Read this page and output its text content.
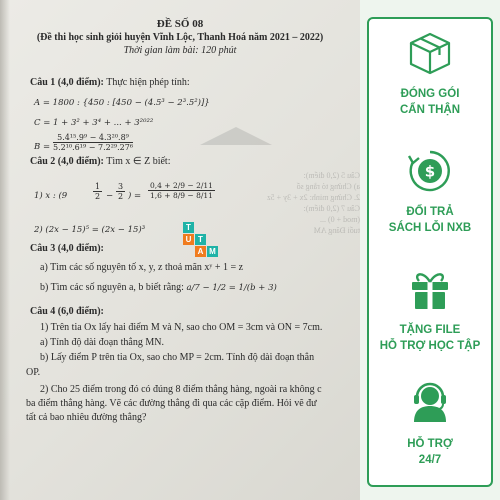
Câu 5 (2,0 điểm):
a) Chứng tỏ rằng số
2. Chứng minh: 2x + 3y + 5z
Câu 7 (2,0 điểm):
(mod + 0) ...
tuổi Đăng AM
ĐỀ SỐ 08
(Đề thi học sinh giỏi huyện Vĩnh Lộc, Thanh Hoá năm 2021 – 2022)
Thời gian làm bài: 120 phút
Câu 1 (4,0 điểm): Thực hiện phép tính:
A = 1800 : {450 : [450 − (4.5³ − 2³.5²)]}
C = 1 + 3² + 3⁴ + ... + 3²⁰²²
$B = \frac{\text{5.4¹⁵.9⁹ − 4.3²⁰.8⁹}}{\text{5.2¹⁰.6¹⁹ − 7.2²⁹.27⁶}}$
Câu 2 (4,0 điểm): Tìm x ∈ Z biết:
1) x : (9	$\frac{1}{2} - \frac{3}{2}$ ) = $\frac{0,4 + 2/9 - 2/11}{1,6 + 8/9 - 8/11}$
2) (2x − 15)⁵ = (2x − 15)³
Câu 3 (4,0 điểm):
a) Tìm các số nguyên tố x, y, z thoả mãn xʸ + 1 = z
b) Tìm các số nguyên a, b biết rằng: a/7 − 1/2 = 1/(b + 3)
Câu 4 (6,0 điểm):
1) Trên tia Ox lấy hai điểm M và N, sao cho OM = 3cm và ON = 7cm.
a) Tính độ dài đoạn thẳng MN.
b) Lấy điểm P trên tia Ox, sao cho MP = 2cm. Tính độ dài đoạn thẳn
OP.
2) Cho 25 điểm trong đó có đúng 8 điểm thẳng hàng, ngoài ra không c
ba điểm thẳng hàng. Vẽ các đường thẳng đi qua các cặp điểm. Hỏi vẽ đư
tất cả bao nhiêu đường thẳng?
T
U T
A M
ĐÓNG GÓI
CẨN THẬN
$
ĐỔI TRẢ
SÁCH LỖI NXB
TẶNG FILE
HỖ TRỢ HỌC TẬP
HỖ TRỢ
24/7
